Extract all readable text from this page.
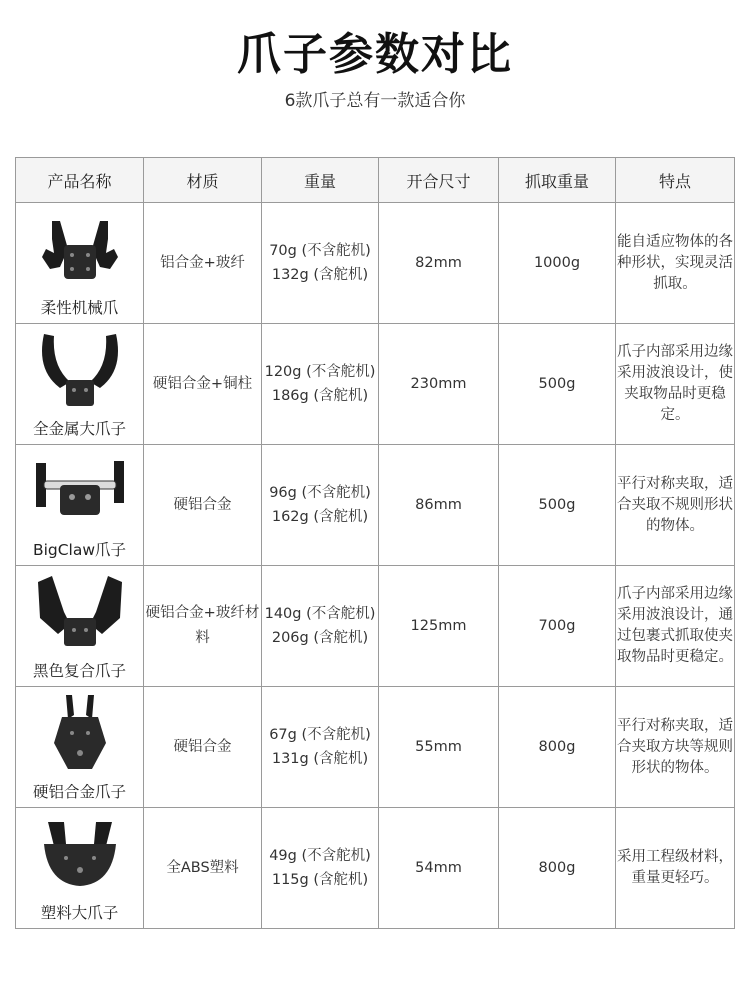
爪子参数对比
6款爪子总有一款适合你
产品名称	材质	重量	开合尺寸	抓取重量	特点

柔性机械爪	铝合金+玻纤	70g (不含舵机)
132g (含舵机)	82mm	1000g	能自适应物体的各种形状，实现灵活抓取。

全金属大爪子	硬铝合金+铜柱	120g (不含舵机)
186g (含舵机)	230mm	500g	爪子内部采用边缘采用波浪设计，使夹取物品时更稳定。

BigClaw爪子	硬铝合金	96g (不含舵机)
162g (含舵机)	86mm	500g	平行对称夹取，适合夹取不规则形状的物体。

黑色复合爪子	硬铝合金+玻纤材料	140g (不含舵机)
206g (含舵机)	125mm	700g	爪子内部采用边缘采用波浪设计，通过包裹式抓取使夹取物品时更稳定。

硬铝合金爪子	硬铝合金	67g (不含舵机)
131g (含舵机)	55mm	800g	平行对称夹取，适合夹取方块等规则形状的物体。

塑料大爪子	全ABS塑料	49g (不含舵机)
115g (含舵机)	54mm	800g	采用工程级材料，重量更轻巧。
